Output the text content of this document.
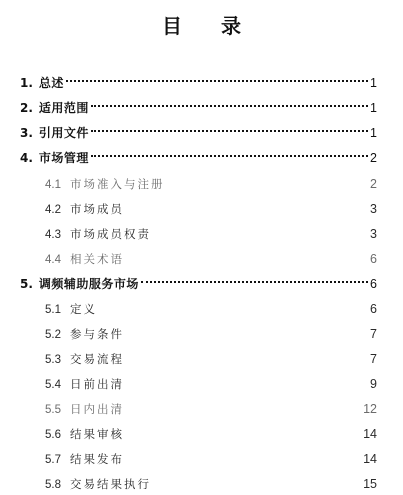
目 录
1. 总述	1
2. 适用范围	1
3. 引用文件	1
4. 市场管理	2
4.1 市场准入与注册	2
4.2 市场成员	3
4.3 市场成员权责	3
4.4 相关术语	6
5. 调频辅助服务市场	6
5.1 定义	6
5.2 参与条件	7
5.3 交易流程	7
5.4 日前出清	9
5.5 日内出清	12
5.6 结果审核	14
5.7 结果发布	14
5.8 交易结果执行	15
